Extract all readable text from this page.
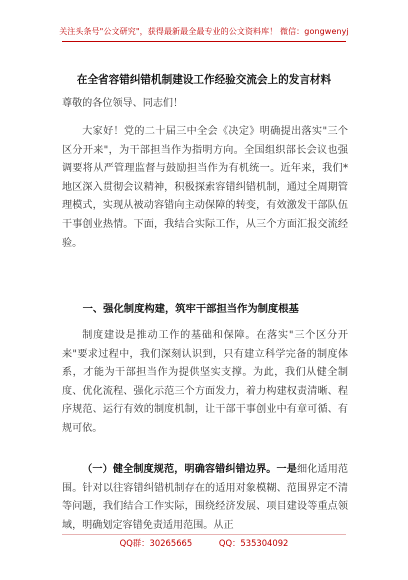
关注头条号"公文研究"，获得最新最全最专业的公文资料库！ 微信：gongwenyj
在全省容错纠错机制建设工作经验交流会上的发言材料
尊敬的各位领导、同志们！

大家好！党的二十届三中全会《决定》明确提出落实"三个区分开来"，为干部担当作为指明方向。全国组织部长会议也强调要将从严管理监督与鼓励担当作为有机统一。近年来，我们*地区深入贯彻会议精神，积极探索容错纠错机制，通过全周期管理模式，实现从被动容错向主动保障的转变，有效激发干部队伍干事创业热情。下面，我结合实际工作，从三个方面汇报交流经验。

一、强化制度构建，筑牢干部担当作为制度根基

制度建设是推动工作的基础和保障。在落实"三个区分开来"要求过程中，我们深刻认识到，只有建立科学完备的制度体系，才能为干部担当作为提供坚实支撑。为此，我们从健全制度、优化流程、强化示范三个方面发力，着力构建权责清晰、程序规范、运行有效的制度机制，让干部干事创业中有章可循、有规可依。

（一）健全制度规范，明确容错纠错边界。一是细化适用范围。针对以往容错纠错机制存在的适用对象模糊、范围界定不清等问题，我们结合工作实际，围绕经济发展、项目建设等重点领域，明确划定容错免责适用范围。从正

QQ群：30265665	QQ：535304092
